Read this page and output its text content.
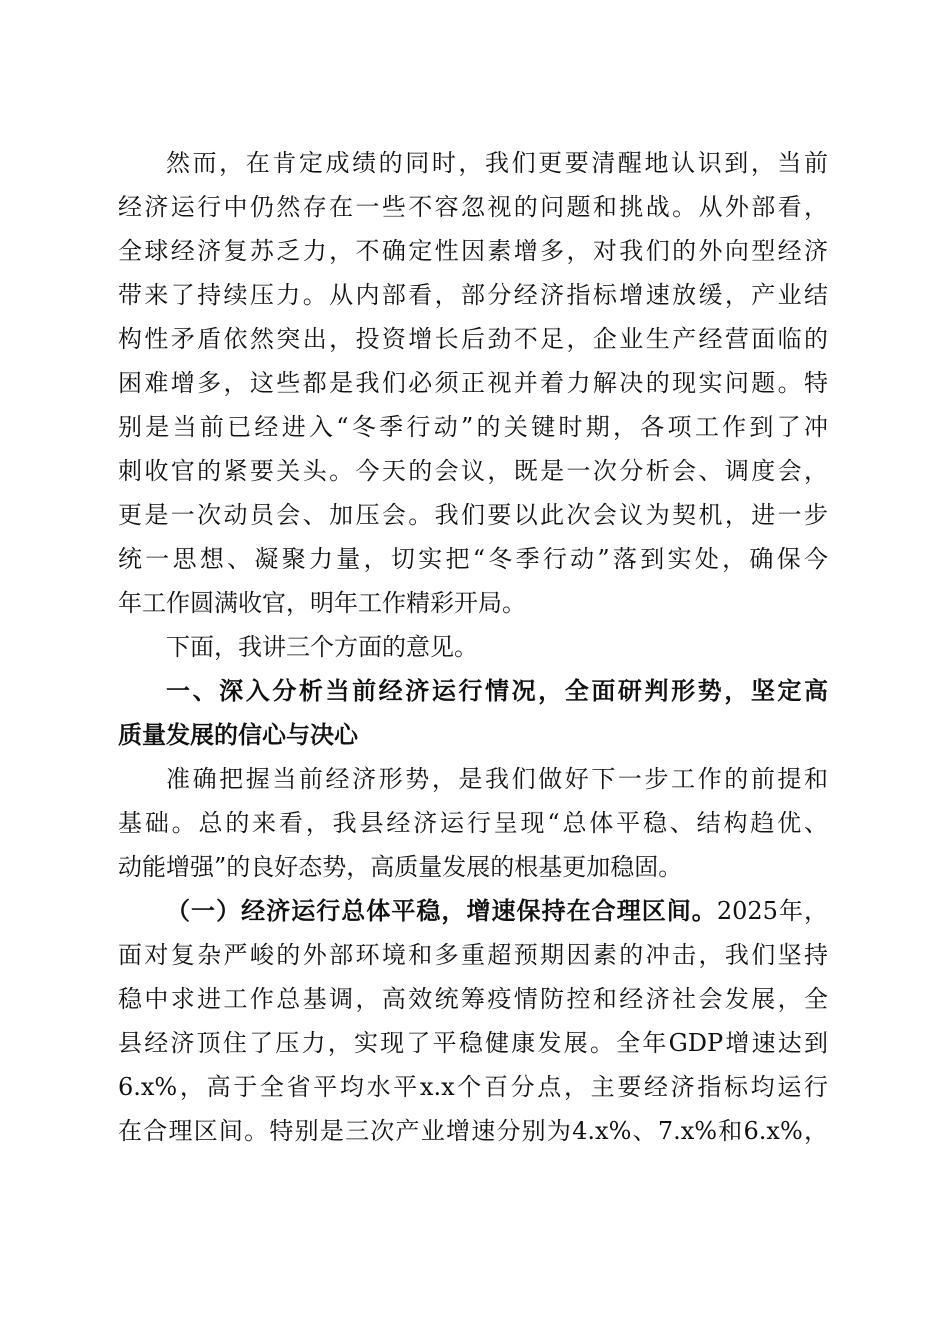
然而，在肯定成绩的同时，我们更要清醒地认识到，当前
经济运行中仍然存在一些不容忽视的问题和挑战。从外部看，
全球经济复苏乏力，不确定性因素增多，对我们的外向型经济
带来了持续压力。从内部看，部分经济指标增速放缓，产业结
构性矛盾依然突出，投资增长后劲不足，企业生产经营面临的
困难增多，这些都是我们必须正视并着力解决的现实问题。特
别是当前已经进入“冬季行动”的关键时期，各项工作到了冲
刺收官的紧要关头。今天的会议，既是一次分析会、调度会，
更是一次动员会、加压会。我们要以此次会议为契机，进一步
统一思想、凝聚力量，切实把“冬季行动”落到实处，确保今
年工作圆满收官，明年工作精彩开局。
下面，我讲三个方面的意见。
一、深入分析当前经济运行情况，全面研判形势，坚定高
质量发展的信心与决心
准确把握当前经济形势，是我们做好下一步工作的前提和
基础。总的来看，我县经济运行呈现“总体平稳、结构趋优、
动能增强”的良好态势，高质量发展的根基更加稳固。
（一）经济运行总体平稳，增速保持在合理区间。2025年，
面对复杂严峻的外部环境和多重超预期因素的冲击，我们坚持
稳中求进工作总基调，高效统筹疫情防控和经济社会发展，全
县经济顶住了压力，实现了平稳健康发展。全年GDP增速达到
6.x%，高于全省平均水平x.x个百分点，主要经济指标均运行
在合理区间。特别是三次产业增速分别为4.x%、7.x%和6.x%，
